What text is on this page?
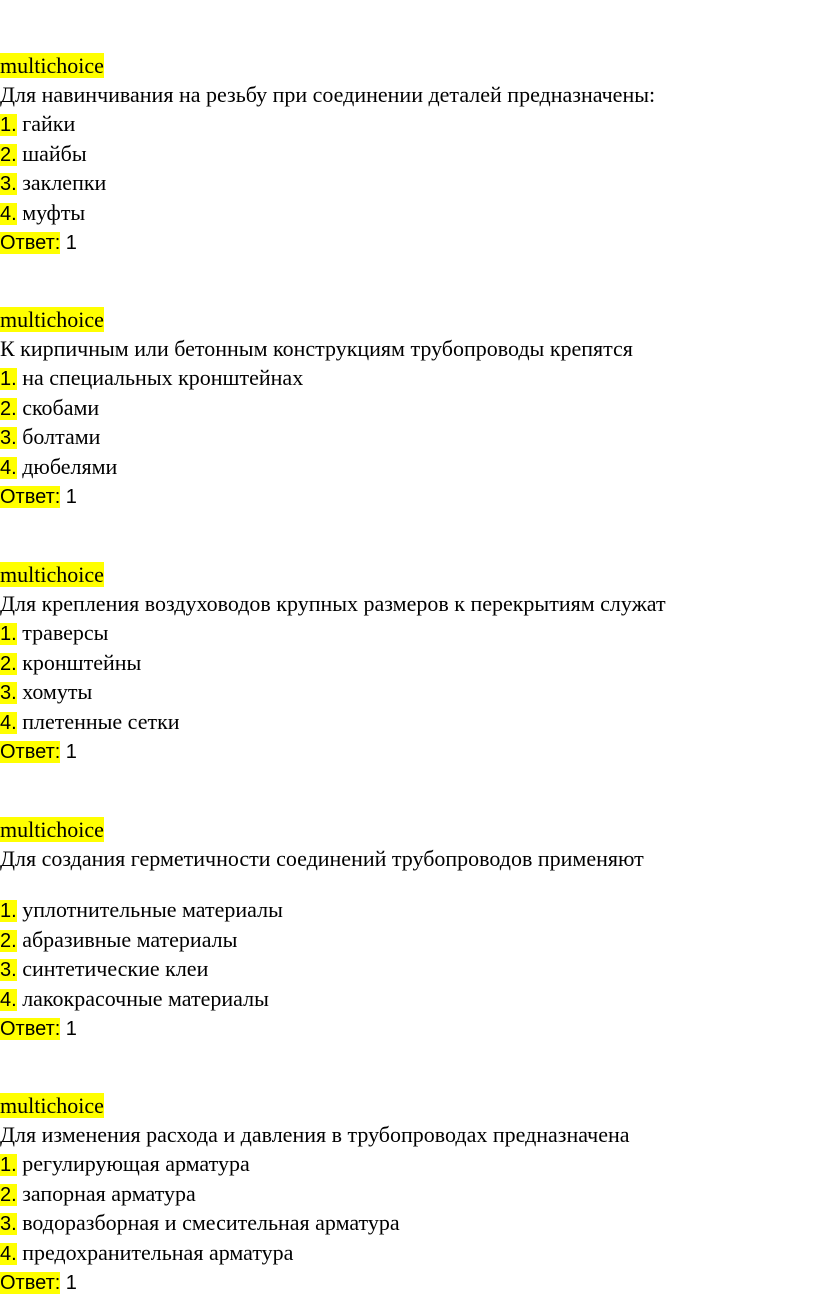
multichoice
Для навинчивания на резьбу при соединении деталей предназначены:
1. гайки
2. шайбы
3. заклепки
4. муфты
Ответ: 1
multichoice
К кирпичным или бетонным конструкциям трубопроводы крепятся
1. на специальных кронштейнах
2. скобами
3. болтами
4. дюбелями
Ответ: 1
multichoice
Для крепления воздуховодов крупных размеров к перекрытиям служат
1. траверсы
2. кронштейны
3. хомуты
4. плетенные сетки
Ответ: 1
multichoice
Для создания герметичности соединений трубопроводов применяют
1. уплотнительные материалы
2. абразивные материалы
3. синтетические клеи
4. лакокрасочные материалы
Ответ: 1
multichoice
Для изменения расхода и давления в трубопроводах предназначена
1. регулирующая арматура
2. запорная арматура
3. водоразборная и смесительная арматура
4. предохранительная арматура
Ответ: 1
